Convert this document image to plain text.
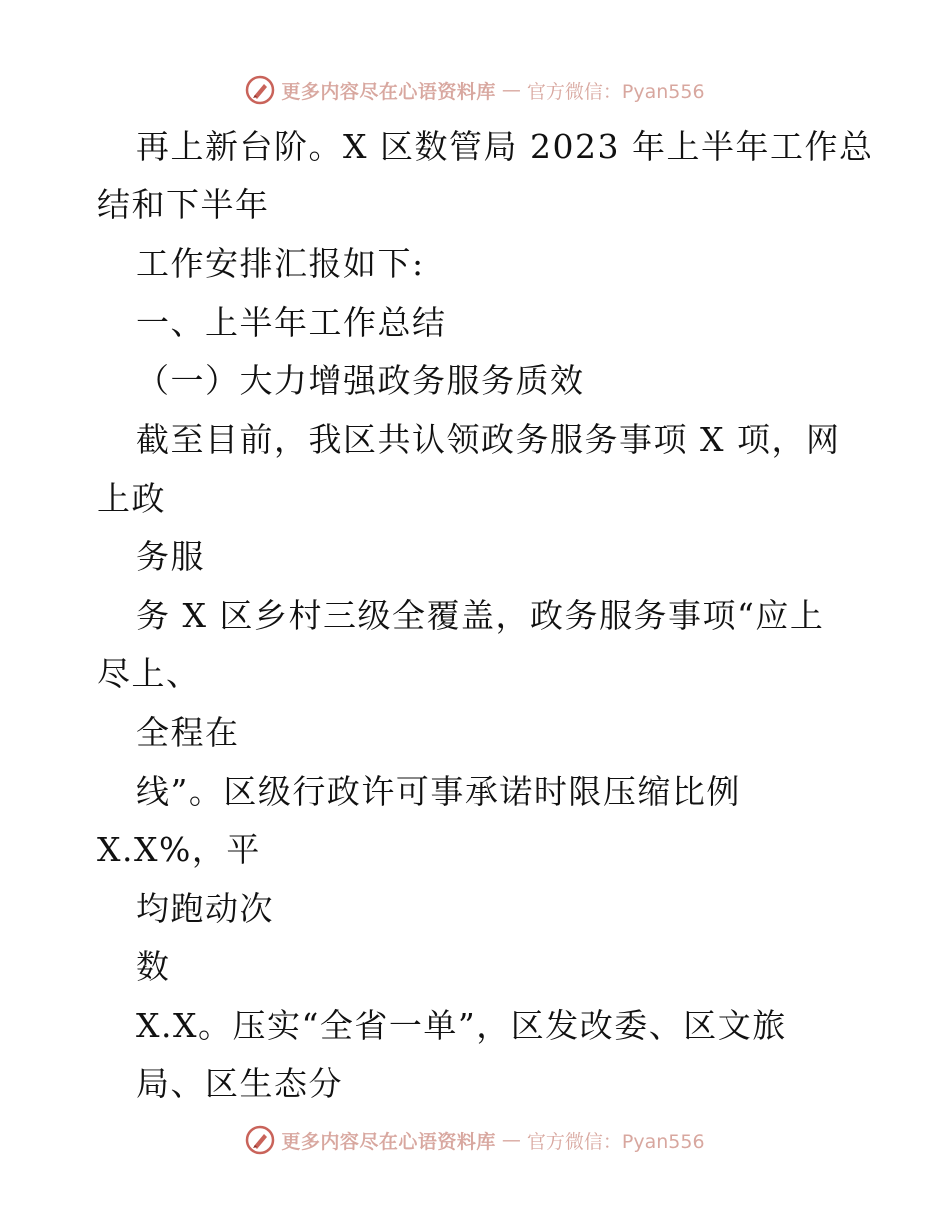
更多内容尽在心语资料库 — 官方微信：Pyan556
再上新台阶。X 区数管局 2023 年上半年工作总
结和下半年
工作安排汇报如下:
一、上半年工作总结
（一）大力增强政务服务质效
截至目前，我区共认领政务服务事项 X 项，网
上政
务服
务 X 区乡村三级全覆盖，政务服务事项“应上
尽上、
全程在
线”。区级行政许可事承诺时限压缩比例
X.X%，平
均跑动次
数
X.X。压实“全省一单”，区发改委、区文旅
局、区生态分
更多内容尽在心语资料库 — 官方微信：Pyan556
